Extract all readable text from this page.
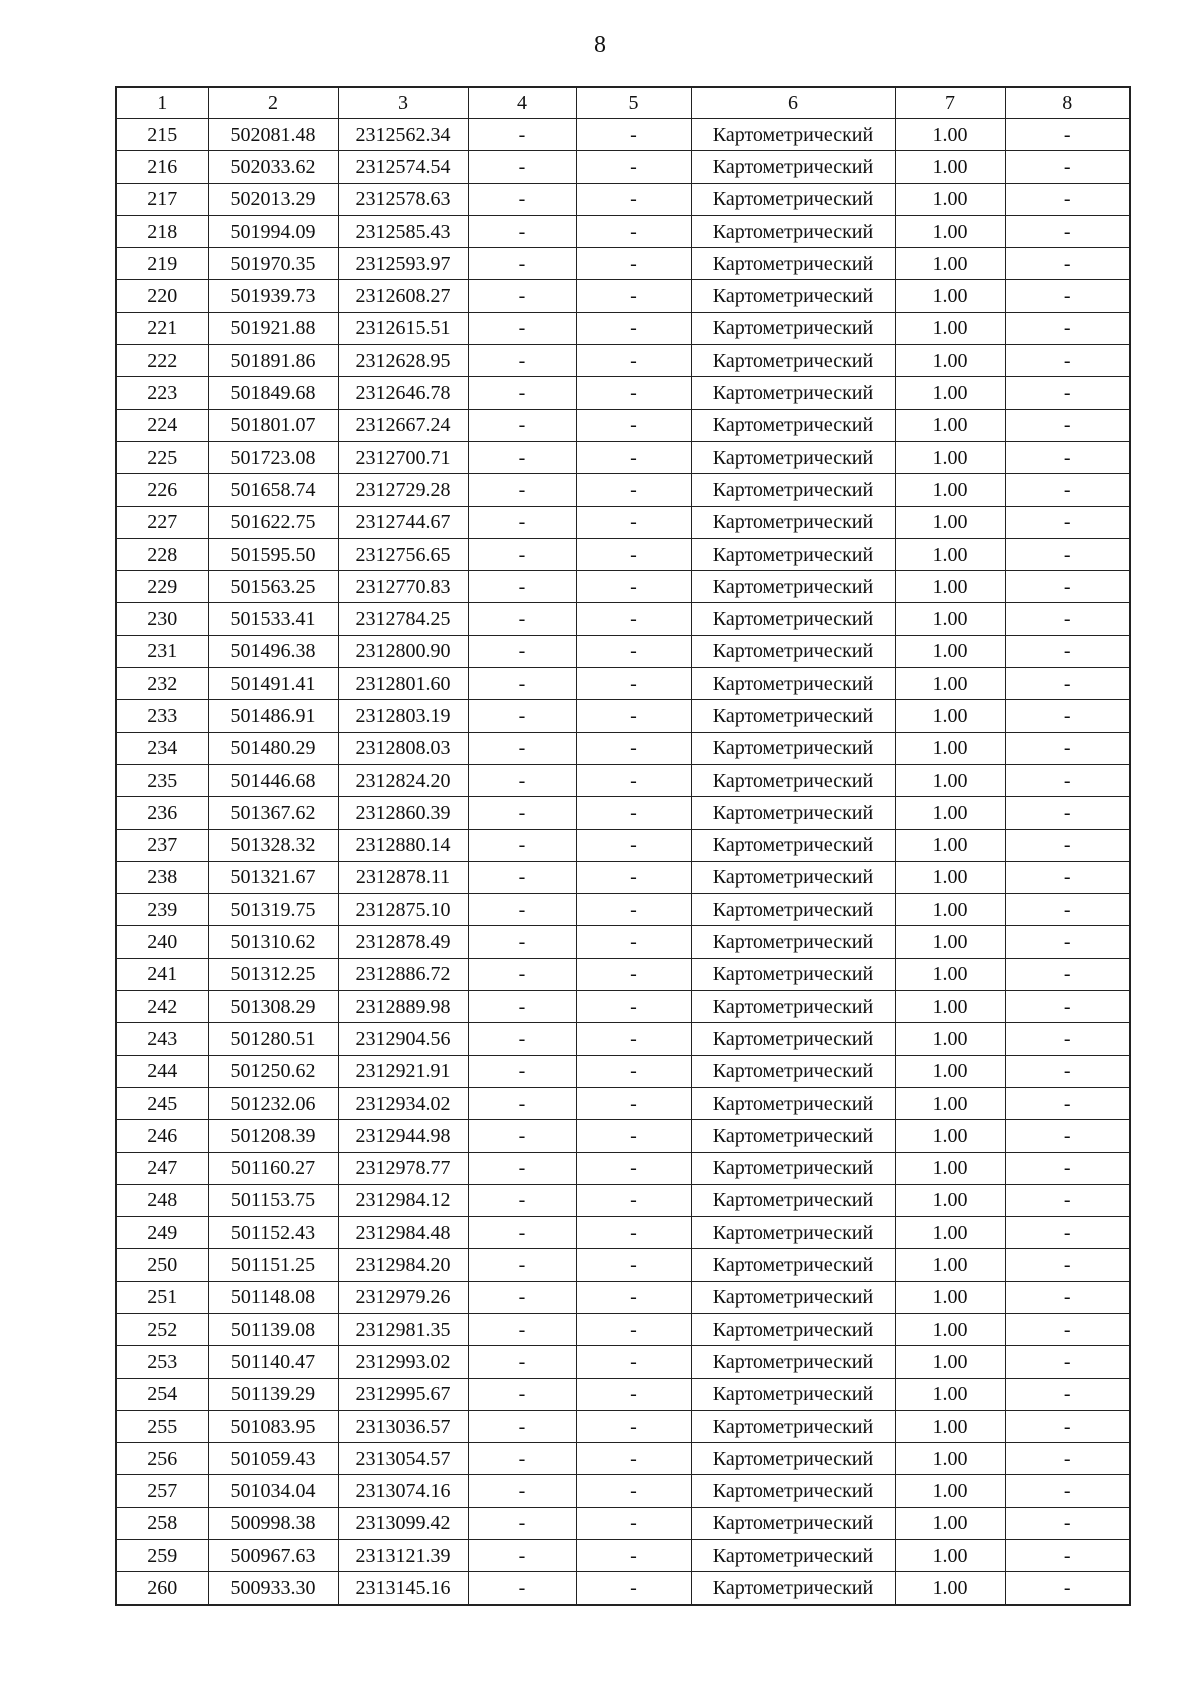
8
1	2	3	4	5	6	7	8
215	502081.48	2312562.34	-	-	Картометрический	1.00	-
216	502033.62	2312574.54	-	-	Картометрический	1.00	-
217	502013.29	2312578.63	-	-	Картометрический	1.00	-
218	501994.09	2312585.43	-	-	Картометрический	1.00	-
219	501970.35	2312593.97	-	-	Картометрический	1.00	-
220	501939.73	2312608.27	-	-	Картометрический	1.00	-
221	501921.88	2312615.51	-	-	Картометрический	1.00	-
222	501891.86	2312628.95	-	-	Картометрический	1.00	-
223	501849.68	2312646.78	-	-	Картометрический	1.00	-
224	501801.07	2312667.24	-	-	Картометрический	1.00	-
225	501723.08	2312700.71	-	-	Картометрический	1.00	-
226	501658.74	2312729.28	-	-	Картометрический	1.00	-
227	501622.75	2312744.67	-	-	Картометрический	1.00	-
228	501595.50	2312756.65	-	-	Картометрический	1.00	-
229	501563.25	2312770.83	-	-	Картометрический	1.00	-
230	501533.41	2312784.25	-	-	Картометрический	1.00	-
231	501496.38	2312800.90	-	-	Картометрический	1.00	-
232	501491.41	2312801.60	-	-	Картометрический	1.00	-
233	501486.91	2312803.19	-	-	Картометрический	1.00	-
234	501480.29	2312808.03	-	-	Картометрический	1.00	-
235	501446.68	2312824.20	-	-	Картометрический	1.00	-
236	501367.62	2312860.39	-	-	Картометрический	1.00	-
237	501328.32	2312880.14	-	-	Картометрический	1.00	-
238	501321.67	2312878.11	-	-	Картометрический	1.00	-
239	501319.75	2312875.10	-	-	Картометрический	1.00	-
240	501310.62	2312878.49	-	-	Картометрический	1.00	-
241	501312.25	2312886.72	-	-	Картометрический	1.00	-
242	501308.29	2312889.98	-	-	Картометрический	1.00	-
243	501280.51	2312904.56	-	-	Картометрический	1.00	-
244	501250.62	2312921.91	-	-	Картометрический	1.00	-
245	501232.06	2312934.02	-	-	Картометрический	1.00	-
246	501208.39	2312944.98	-	-	Картометрический	1.00	-
247	501160.27	2312978.77	-	-	Картометрический	1.00	-
248	501153.75	2312984.12	-	-	Картометрический	1.00	-
249	501152.43	2312984.48	-	-	Картометрический	1.00	-
250	501151.25	2312984.20	-	-	Картометрический	1.00	-
251	501148.08	2312979.26	-	-	Картометрический	1.00	-
252	501139.08	2312981.35	-	-	Картометрический	1.00	-
253	501140.47	2312993.02	-	-	Картометрический	1.00	-
254	501139.29	2312995.67	-	-	Картометрический	1.00	-
255	501083.95	2313036.57	-	-	Картометрический	1.00	-
256	501059.43	2313054.57	-	-	Картометрический	1.00	-
257	501034.04	2313074.16	-	-	Картометрический	1.00	-
258	500998.38	2313099.42	-	-	Картометрический	1.00	-
259	500967.63	2313121.39	-	-	Картометрический	1.00	-
260	500933.30	2313145.16	-	-	Картометрический	1.00	-
